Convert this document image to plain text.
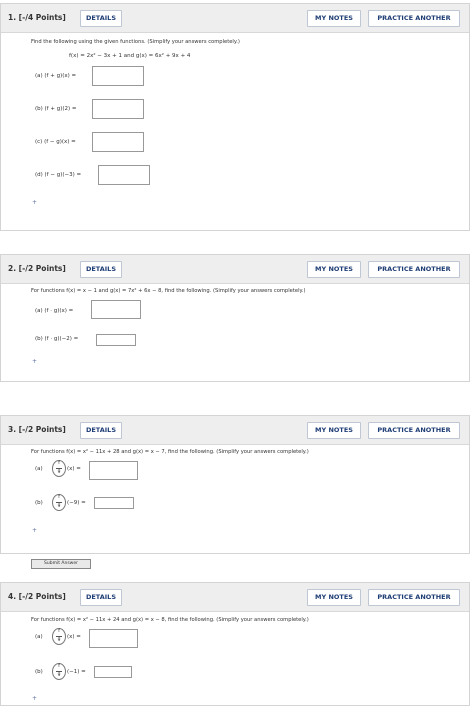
1. [-/4 Points]	DETAILS	MY NOTES	PRACTICE ANOTHER
Find the following using the given functions. (Simplify your answers completely.)
f(x) = 2x² − 3x + 1 and g(x) = 6x² + 9x + 4
(a) (f + g)(x) =
(b) (f + g)(2) =
(c) (f − g)(x) =
(d) (f − g)(−3) =
+
2. [-/2 Points]	DETAILS	MY NOTES	PRACTICE ANOTHER
For functions f(x) = x − 1 and g(x) = 7x² + 6x − 8, find the following. (Simplify your answers completely.)
(a) (f · g)(x) =
(b) (f · g)(−2) =
+
3. [-/2 Points]	DETAILS	MY NOTES	PRACTICE ANOTHER
For functions f(x) = x² − 11x + 28 and g(x) = x − 7, find the following. (Simplify your answers completely.)
(a)
f
g	(x) =
(b)
f
g	(−9) =
+
Submit Answer
4. [-/2 Points]	DETAILS	MY NOTES	PRACTICE ANOTHER
For functions f(x) = x² − 11x + 24 and g(x) = x − 8, find the following. (Simplify your answers completely.)
(a)
f
g	(x) =
(b)
f
g	(−1) =
+
